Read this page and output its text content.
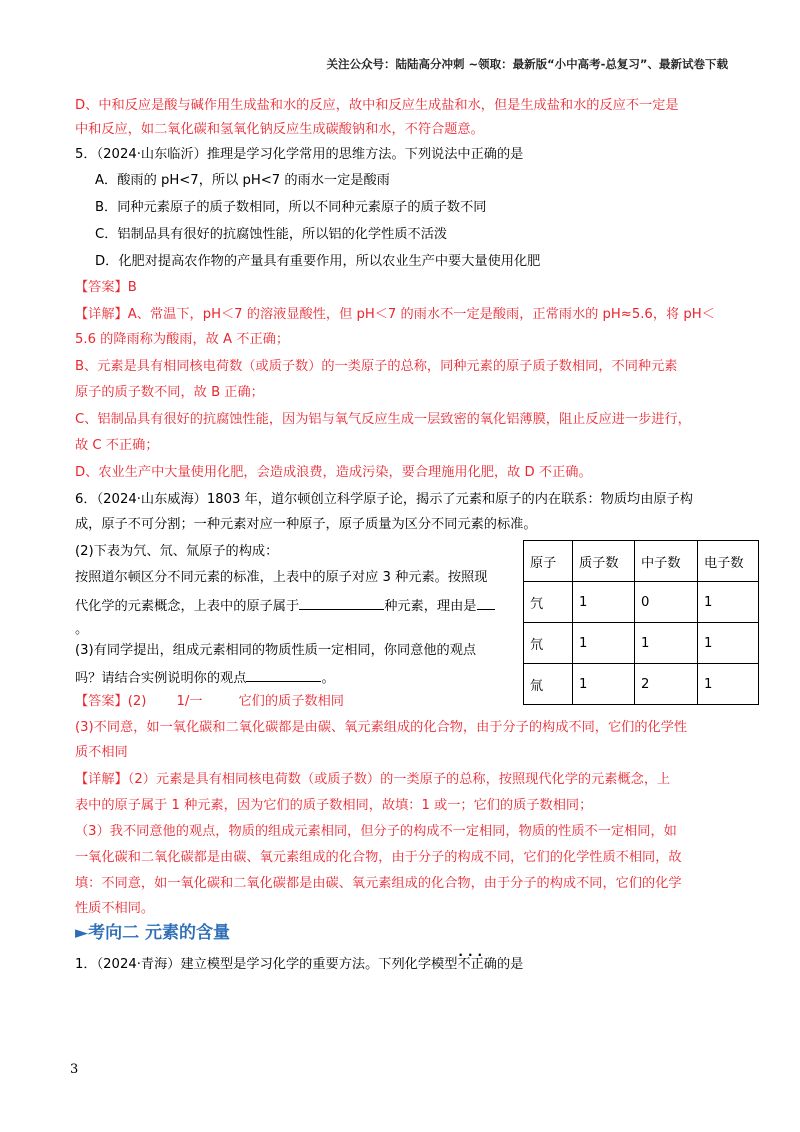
关注公众号：陆陆高分冲刺 ~领取：最新版“小中高考-总复习”、最新试卷下载
D、中和反应是酸与碱作用生成盐和水的反应，故中和反应生成盐和水，但是生成盐和水的反应不一定是
中和反应，如二氧化碳和氢氧化钠反应生成碳酸钠和水，不符合题意。
5．（2024·山东临沂）推理是学习化学常用的思维方法。下列说法中正确的是
A．酸雨的 pH<7，所以 pH<7 的雨水一定是酸雨
B．同种元素原子的质子数相同，所以不同种元素原子的质子数不同
C．铝制品具有很好的抗腐蚀性能，所以铝的化学性质不活泼
D．化肥对提高农作物的产量具有重要作用，所以农业生产中要大量使用化肥
【答案】B
【详解】A、常温下，pH＜7 的溶液显酸性，但 pH＜7 的雨水不一定是酸雨，正常雨水的 pH≈5.6，将 pH＜
5.6 的降雨称为酸雨，故 A 不正确；
B、元素是具有相同核电荷数（或质子数）的一类原子的总称，同种元素的原子质子数相同，不同种元素
原子的质子数不同，故 B 正确；
C、铝制品具有很好的抗腐蚀性能，因为铝与氧气反应生成一层致密的氧化铝薄膜，阻止反应进一步进行，
故 C 不正确；
D、农业生产中大量使用化肥，会造成浪费，造成污染，要合理施用化肥，故 D 不正确。
6．（2024·山东威海）1803 年，道尔顿创立科学原子论，揭示了元素和原子的内在联系：物质均由原子构
成，原子不可分割；一种元素对应一种原子，原子质量为区分不同元素的标准。
(2)下表为氕、氘、氚原子的构成：
按照道尔顿区分不同元素的标准，上表中的原子对应 3 种元素。按照现
代化学的元素概念，上表中的原子属于	种元素，理由是
。
(3)有同学提出，组成元素相同的物质性质一定相同，你同意他的观点
吗？请结合实例说明你的观点	。
原子	质子数	中子数	电子数
氕	1	0	1
氘	1	1	1
氚	1	2	1
【答案】(2) 1/一	它们的质子数相同
(3)不同意，如一氧化碳和二氧化碳都是由碳、氧元素组成的化合物，由于分子的构成不同，它们的化学性
质不相同
【详解】（2）元素是具有相同核电荷数（或质子数）的一类原子的总称，按照现代化学的元素概念，上
表中的原子属于 1 种元素，因为它们的质子数相同，故填：1 或一；它们的质子数相同；
（3）我不同意他的观点，物质的组成元素相同，但分子的构成不一定相同，物质的性质不一定相同，如
一氧化碳和二氧化碳都是由碳、氧元素组成的化合物，由于分子的构成不同，它们的化学性质不相同，故
填：不同意，如一氧化碳和二氧化碳都是由碳、氧元素组成的化合物，由于分子的构成不同，它们的化学
性质不相同。
►考向二 元素的含量
1．（2024·青海）建立模型是学习化学的重要方法。下列化学模型··· 不正确的是
3
